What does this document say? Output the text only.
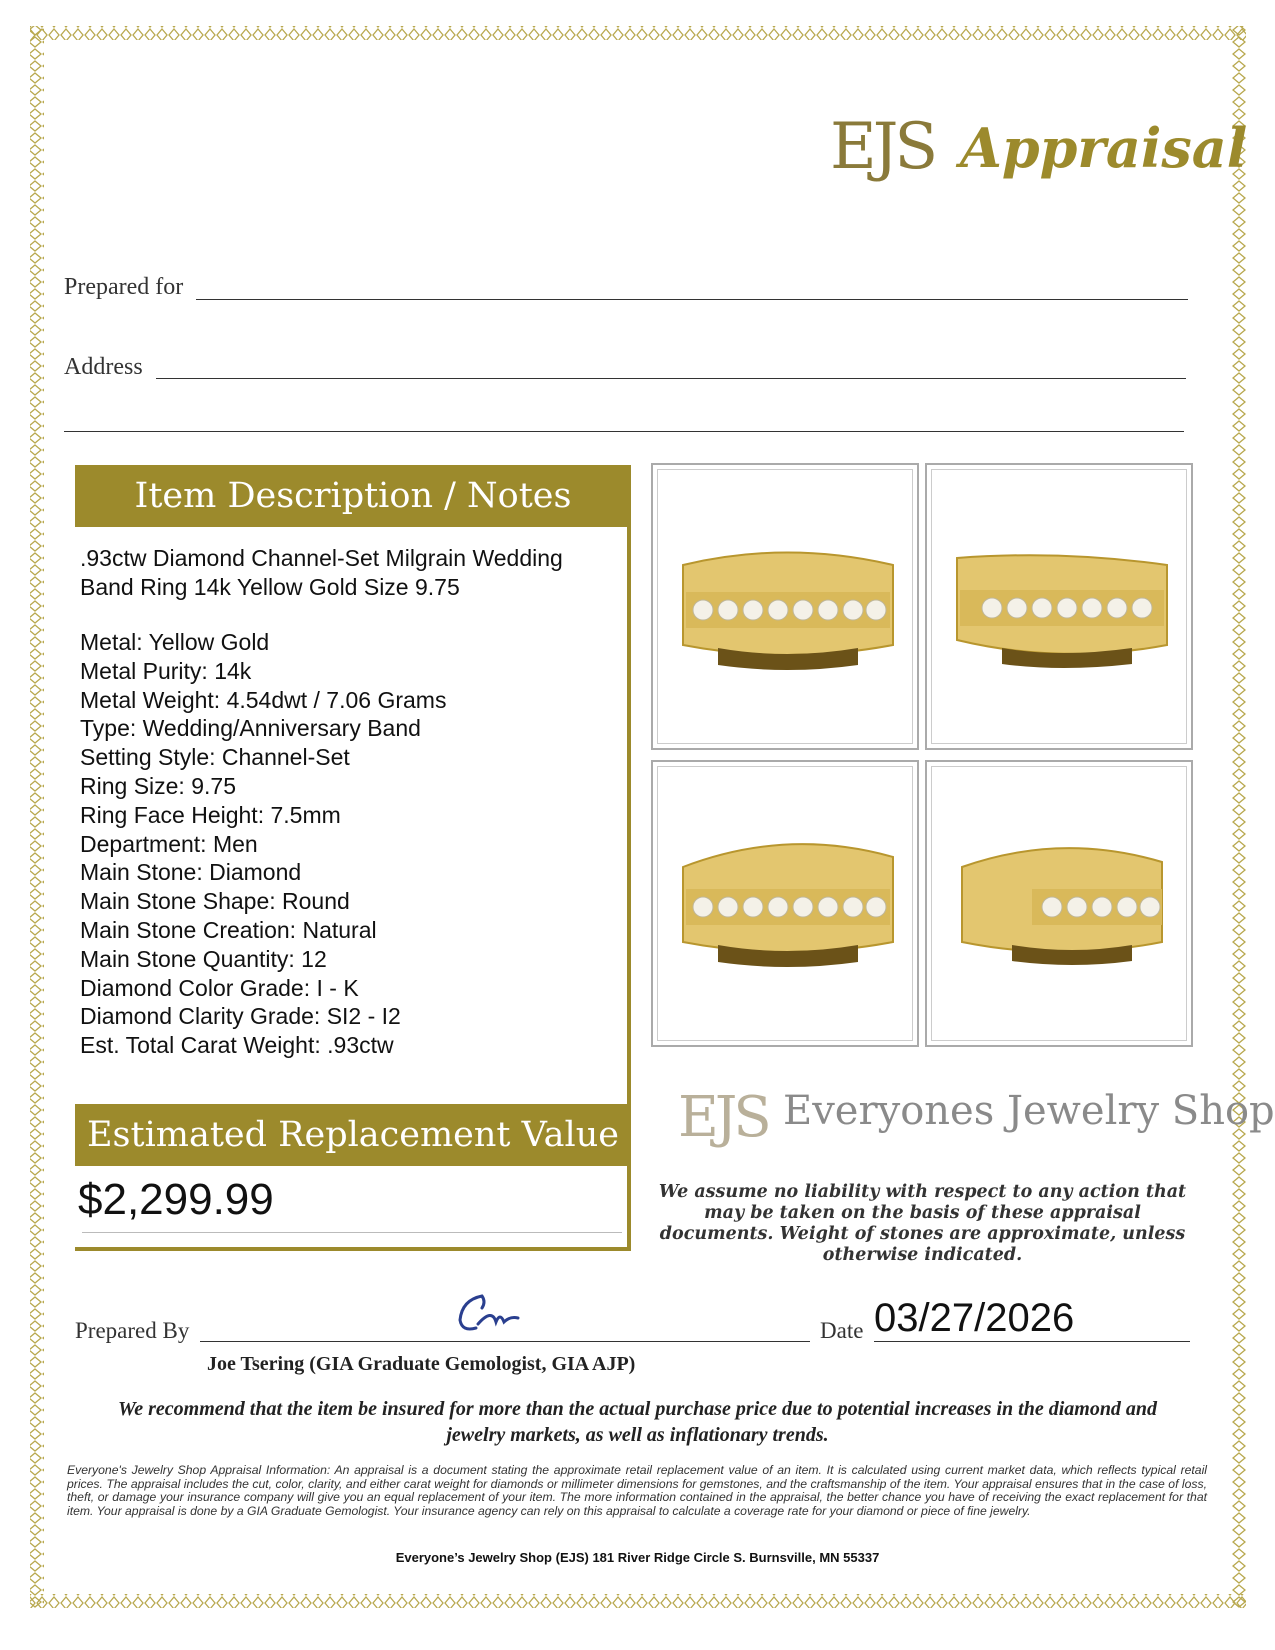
EJS Appraisal
Prepared for
Address
Item Description / Notes
.93ctw Diamond Channel-Set Milgrain Wedding Band Ring 14k Yellow Gold Size 9.75
Metal: Yellow Gold
Metal Purity: 14k
Metal Weight: 4.54dwt / 7.06 Grams
Type: Wedding/Anniversary Band
Setting Style: Channel-Set
Ring Size: 9.75
Ring Face Height: 7.5mm
Department: Men
Main Stone: Diamond
Main Stone Shape: Round
Main Stone Creation: Natural
Main Stone Quantity: 12
Diamond Color Grade: I - K
Diamond Clarity Grade: SI2 - I2
Est. Total Carat Weight: .93ctw
Estimated Replacement Value
$2,299.99
EJS Everyones Jewelry Shop
We assume no liability with respect to any action that may be taken on the basis of these appraisal documents. Weight of stones are approximate, unless otherwise indicated.
Prepared By	Date 03/27/2026
Joe Tsering (GIA Graduate Gemologist, GIA AJP)
We recommend that the item be insured for more than the actual purchase price due to potential increases in the diamond and jewelry markets, as well as inflationary trends.
Everyone's Jewelry Shop Appraisal Information: An appraisal is a document stating the approximate retail replacement value of an item. It is calculated using current market data, which reflects typical retail prices. The appraisal includes the cut, color, clarity, and either carat weight for diamonds or millimeter dimensions for gemstones, and the craftsmanship of the item. Your appraisal ensures that in the case of loss, theft, or damage your insurance company will give you an equal replacement of your item. The more information contained in the appraisal, the better chance you have of receiving the exact replacement for that item. Your appraisal is done by a GIA Graduate Gemologist. Your insurance agency can rely on this appraisal to calculate a coverage rate for your diamond or piece of fine jewelry.
Everyone’s Jewelry Shop (EJS) 181 River Ridge Circle S. Burnsville, MN 55337
